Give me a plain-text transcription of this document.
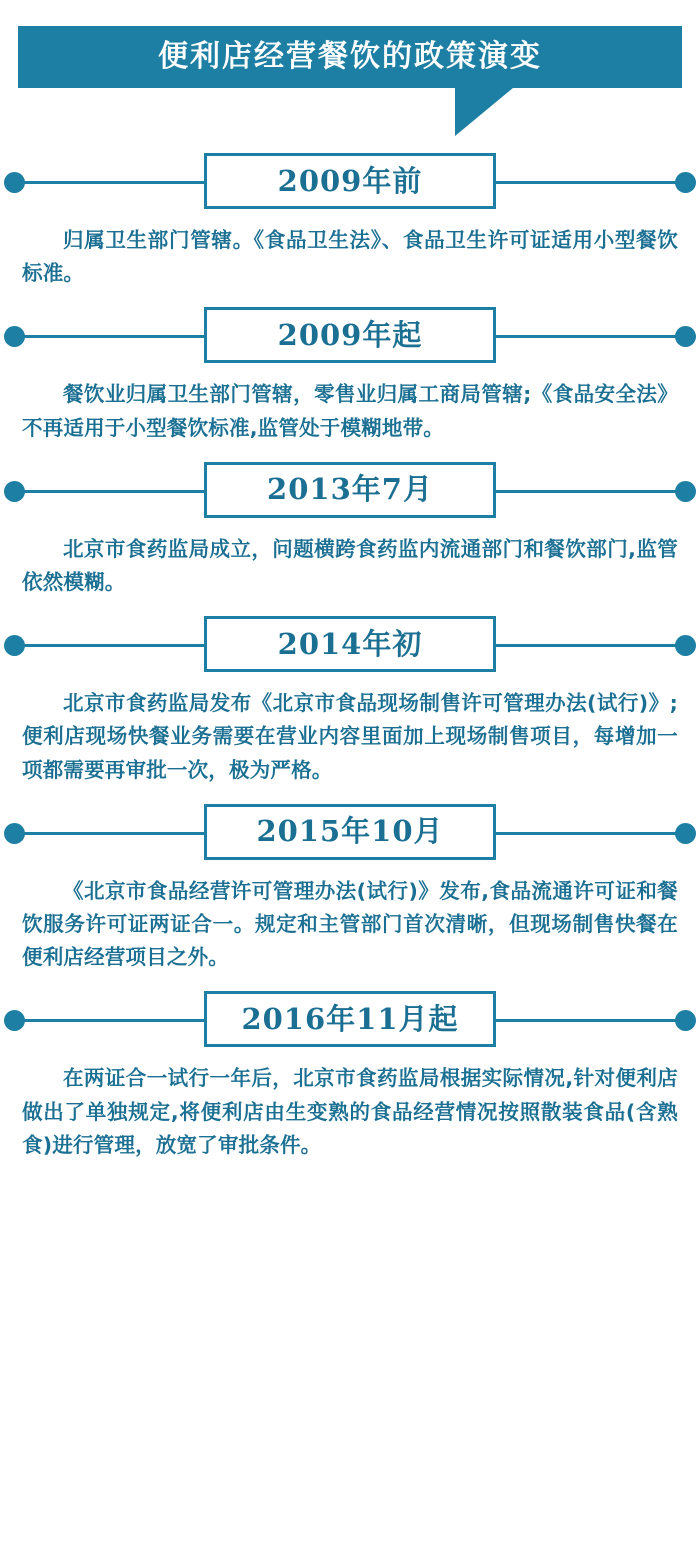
便利店经营餐饮的政策演变
2009年前

归属卫生部门管辖。《食品卫生法》、食品卫生许可证适用小型餐饮标准。

2009年起

餐饮业归属卫生部门管辖，零售业归属工商局管辖;《食品安全法》不再适用于小型餐饮标准,监管处于模糊地带。

2013年7月

北京市食药监局成立，问题横跨食药监内流通部门和餐饮部门,监管依然模糊。

2014年初

北京市食药监局发布《北京市食品现场制售许可管理办法(试行)》;便利店现场快餐业务需要在营业内容里面加上现场制售项目，每增加一项都需要再审批一次，极为严格。

2015年10月

《北京市食品经营许可管理办法(试行)》发布,食品流通许可证和餐饮服务许可证两证合一。规定和主管部门首次清晰，但现场制售快餐在便利店经营项目之外。

2016年11月起

在两证合一试行一年后，北京市食药监局根据实际情况,针对便利店做出了单独规定,将便利店由生变熟的食品经营情况按照散装食品(含熟食)进行管理，放宽了审批条件。
